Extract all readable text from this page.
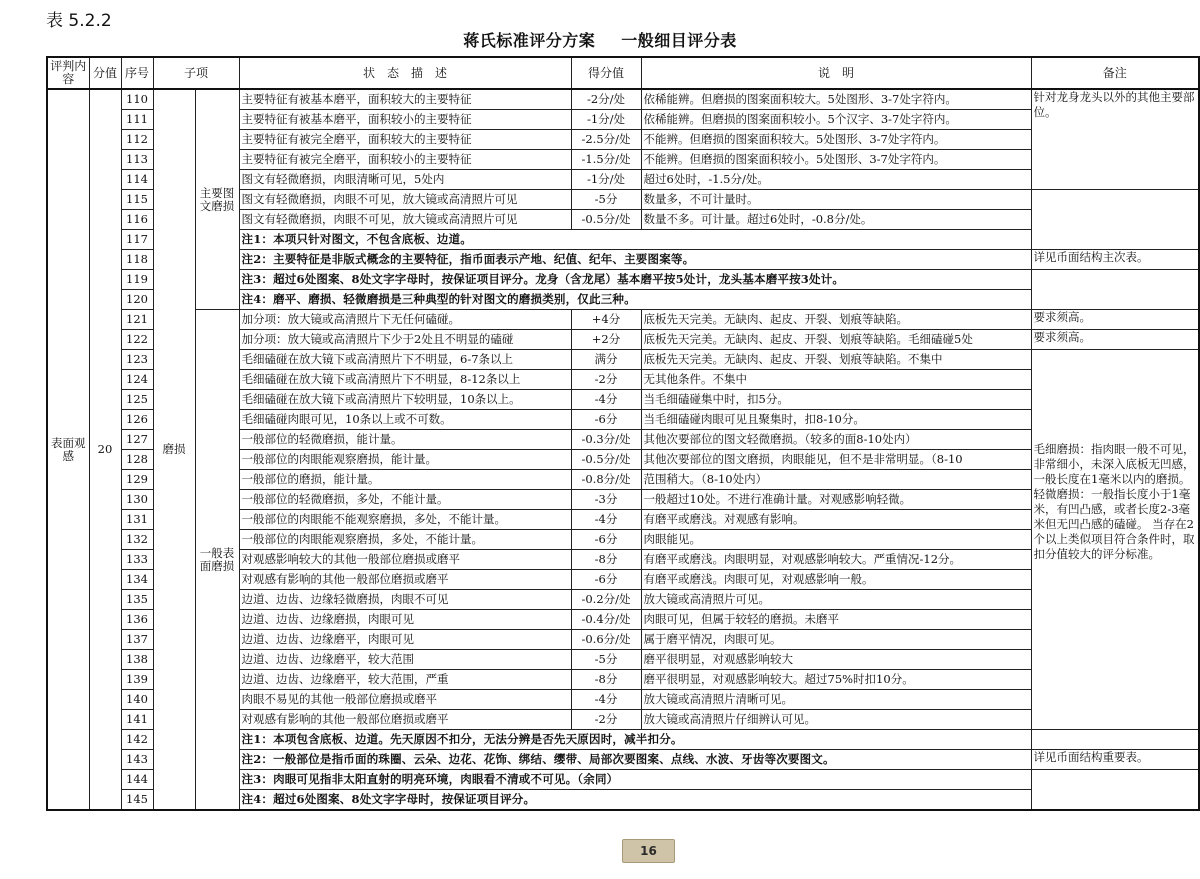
表 5.2.2
蒋氏标准评分方案 一般细目评分表
评判内容	分值	序号	子项		状　态　描　述	得分值	说　明	备注
表面观感	20	110	磨损	主要图文磨损	主要特征有被基本磨平，面积较大的主要特征	-2分/处	依稀能辨。但磨损的图案面积较大。5处图形、3-7处字符内。	针对龙身龙头以外的其他主要部位。
		111			主要特征有被基本磨平，面积较小的主要特征	-1分/处	依稀能辨。但磨损的图案面积较小。5个汉字、3-7处字符内。	
		112			主要特征有被完全磨平，面积较大的主要特征	-2.5分/处	不能辨。但磨损的图案面积较大。5处图形、3-7处字符内。	
		113			主要特征有被完全磨平，面积较小的主要特征	-1.5分/处	不能辨。但磨损的图案面积较小。5处图形、3-7处字符内。	
		114			图文有轻微磨损，肉眼清晰可见，5处内	-1分/处	超过6处时，-1.5分/处。	
		115			图文有轻微磨损，肉眼不可见，放大镜或高清照片可见	-5分	数量多，不可计量时。	
		116			图文有轻微磨损，肉眼不可见，放大镜或高清照片可见	-0.5分/处	数量不多。可计量。超过6处时，-0.8分/处。	
		117			注1：本项只针对图文，不包含底板、边道。			
		118			注2：主要特征是非版式概念的主要特征，指币面表示产地、纪值、纪年、主要图案等。			详见币面结构主次表。
		119			注3：超过6处图案、8处文字字母时，按保证项目评分。龙身（含龙尾）基本磨平按5处计，龙头基本磨平按3处计。			
		120			注4：磨平、磨损、轻微磨损是三种典型的针对图文的磨损类别，仅此三种。			
		121		一般表面磨损	加分项：放大镜或高清照片下无任何磕碰。	+4分	底板先天完美。无缺肉、起皮、开裂、划痕等缺陷。	要求须高。
		122			加分项：放大镜或高清照片下少于2处且不明显的磕碰	+2分	底板先天完美。无缺肉、起皮、开裂、划痕等缺陷。毛细磕碰5处	要求须高。
		123			毛细磕碰在放大镜下或高清照片下不明显，6-7条以上	满分	底板先天完美。无缺肉、起皮、开裂、划痕等缺陷。不集中	毛细磨损：指肉眼一般不可见，非常细小，未深入底板无凹感，一般长度在1毫米以内的磨损。 轻微磨损：一般指长度小于1毫米，有凹凸感，或者长度2-3毫米但无凹凸感的磕碰。 当存在2个以上类似项目符合条件时，取扣分值较大的评分标准。
		124			毛细磕碰在放大镜下或高清照片下不明显，8-12条以上	-2分	无其他条件。不集中	
		125			毛细磕碰在放大镜下或高清照片下较明显，10条以上。	-4分	当毛细磕碰集中时，扣5分。	
		126			毛细磕碰肉眼可见，10条以上或不可数。	-6分	当毛细磕碰肉眼可见且聚集时，扣8-10分。	
		127			一般部位的轻微磨损，能计量。	-0.3分/处	其他次要部位的图文轻微磨损。（较多的面8-10处内）	
		128			一般部位的肉眼能观察磨损，能计量。	-0.5分/处	其他次要部位的图文磨损，肉眼能见，但不是非常明显。（8-10	
		129			一般部位的磨损，能计量。	-0.8分/处	范围稍大。（8-10处内）	
		130			一般部位的轻微磨损，多处，不能计量。	-3分	一般超过10处。不进行准确计量。对观感影响轻微。	
		131			一般部位的肉眼能不能观察磨损，多处，不能计量。	-4分	有磨平或磨浅。对观感有影响。	
		132			一般部位的肉眼能观察磨损，多处，不能计量。	-6分	肉眼能见。	
		133			对观感影响较大的其他一般部位磨损或磨平	-8分	有磨平或磨浅。肉眼明显，对观感影响较大。严重情况-12分。	
		134			对观感有影响的其他一般部位磨损或磨平	-6分	有磨平或磨浅。肉眼可见，对观感影响一般。	
		135			边道、边齿、边缘轻微磨损，肉眼不可见	-0.2分/处	放大镜或高清照片可见。	
		136			边道、边齿、边缘磨损，肉眼可见	-0.4分/处	肉眼可见，但属于较轻的磨损。未磨平	
		137			边道、边齿、边缘磨平，肉眼可见	-0.6分/处	属于磨平情况，肉眼可见。	
		138			边道、边齿、边缘磨平，较大范围	-5分	磨平很明显，对观感影响较大	
		139			边道、边齿、边缘磨平，较大范围，严重	-8分	磨平很明显，对观感影响较大。超过75%时扣10分。	
		140			肉眼不易见的其他一般部位磨损或磨平	-4分	放大镜或高清照片清晰可见。	
		141			对观感有影响的其他一般部位磨损或磨平	-2分	放大镜或高清照片仔细辨认可见。	
		142			注1：本项包含底板、边道。先天原因不扣分，无法分辨是否先天原因时，减半扣分。			
		143			注2：一般部位是指币面的珠圈、云朵、边花、花饰、绑结、缨带、局部次要图案、点线、水波、牙齿等次要图文。			详见币面结构重要表。
		144			注3：肉眼可见指非太阳直射的明亮环境，肉眼看不清或不可见。（余同）			
		145			注4：超过6处图案、8处文字字母时，按保证项目评分。			
16
